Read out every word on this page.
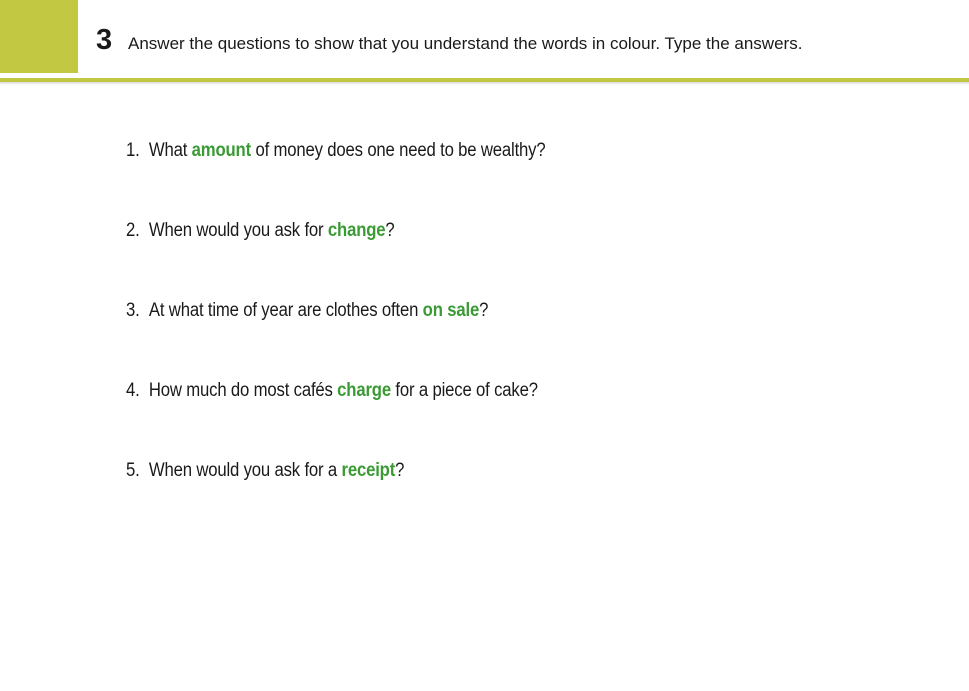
3 Answer the questions to show that you understand the words in colour. Type the answers.
1. What amount of money does one need to be wealthy?
2. When would you ask for change?
3. At what time of year are clothes often on sale?
4. How much do most cafés charge for a piece of cake?
5. When would you ask for a receipt?
